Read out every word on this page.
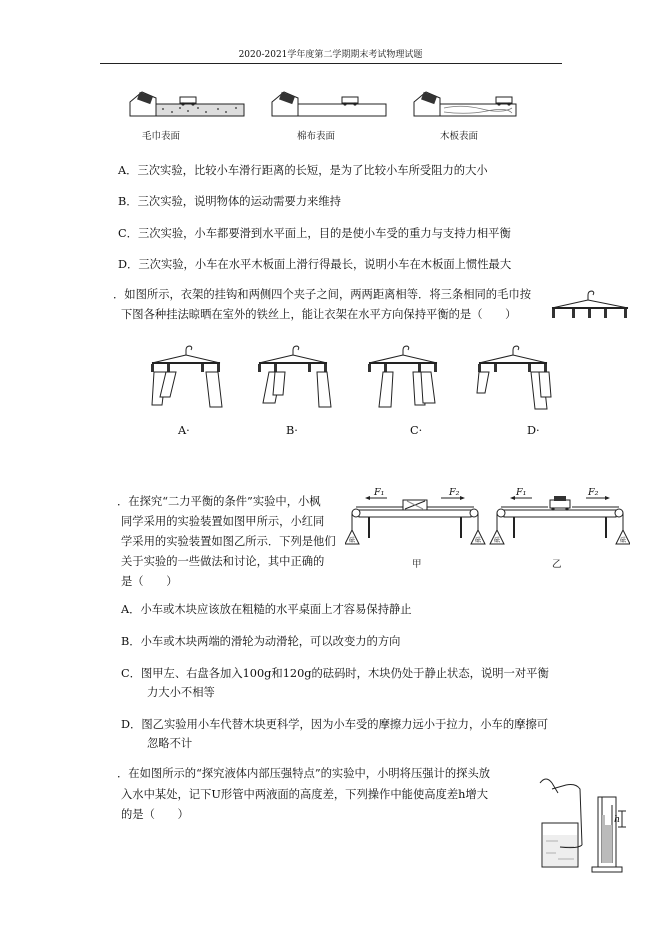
2020-2021学年度第二学期期末考试物理试题
毛巾表面	棉布表面	木板表面
A．三次实验，比较小车滑行距离的长短，是为了比较小车所受阻力的大小
B．三次实验，说明物体的运动需要力来维持
C．三次实验，小车都要滑到水平面上，目的是使小车受的重力与支持力相平衡
D．三次实验，小车在水平木板面上滑行得最长，说明小车在木板面上惯性最大
．如图所示，衣架的挂钩和两侧四个夹子之间，两两距离相等．将三条相同的毛巾按
下图各种挂法晾晒在室外的铁丝上，能让衣架在水平方向保持平衡的是（　　）
A·	B·	C·	D·
．在探究“二力平衡的条件”实验中，小枫
同学采用的实验装置如图甲所示，小红同
学采用的实验装置如图乙所示．下列是他们
关于实验的一些做法和讨论，其中正确的
是（　　）
F₁	F₂	F₁	F₂
甲	乙
A．小车或木块应该放在粗糙的水平桌面上才容易保持静止
B．小车或木块两端的滑轮为动滑轮，可以改变力的方向
C．图甲左、右盘各加入100g和120g的砝码时，木块仍处于静止状态，说明一对平衡
力大小不相等
D．图乙实验用小车代替木块更科学，因为小车受的摩擦力远小于拉力，小车的摩擦可
忽略不计
．在如图所示的“探究液体内部压强特点”的实验中，小明将压强计的探头放
入水中某处，记下U形管中两液面的高度差，下列操作中能使高度差h增大
的是（　　）	h
